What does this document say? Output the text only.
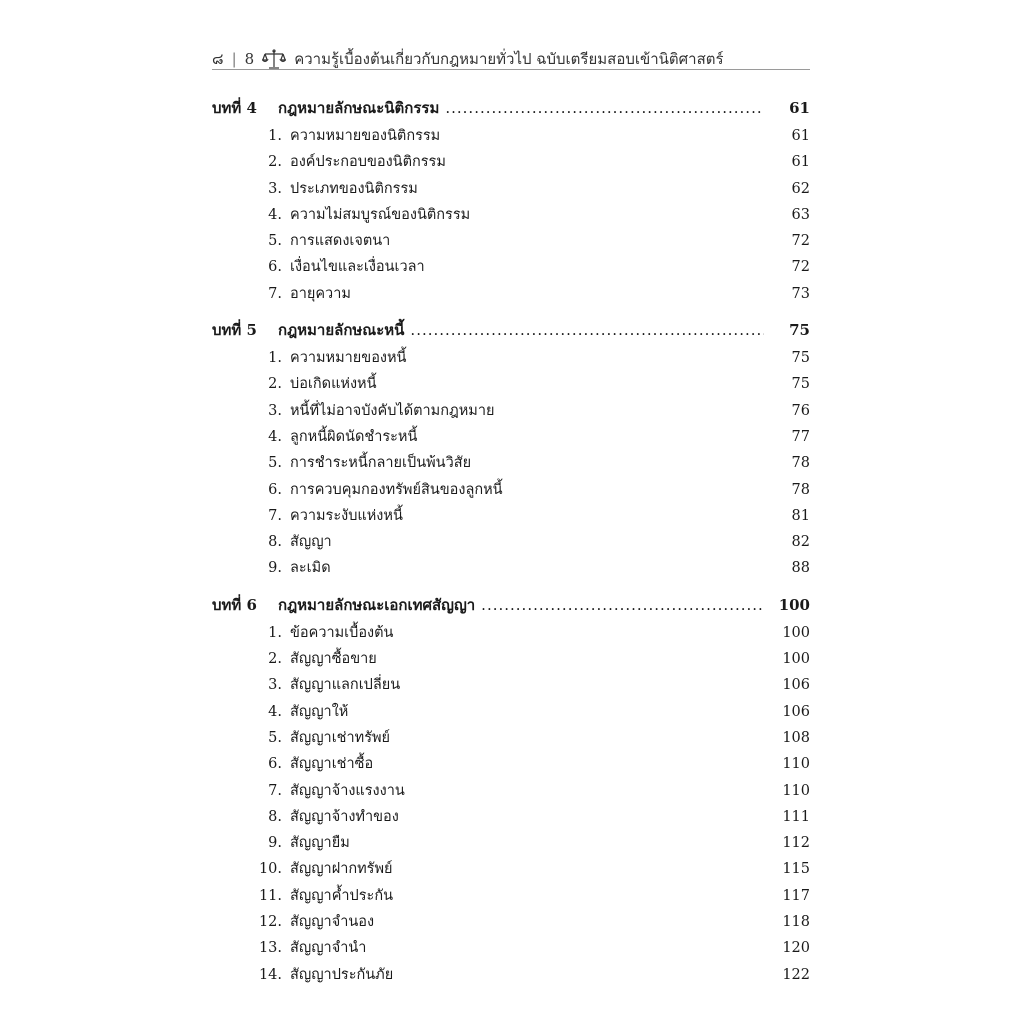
๘ | 8	ความรู้เบื้องต้นเกี่ยวกับกฎหมายทั่วไป ฉบับเตรียมสอบเข้านิติศาสตร์
บทที่ 4	กฎหมายลักษณะนิติกรรม .....	61
1. ความหมายของนิติกรรม	61
2. องค์ประกอบของนิติกรรม	61
3. ประเภทของนิติกรรม	62
4. ความไม่สมบูรณ์ของนิติกรรม	63
5. การแสดงเจตนา	72
6. เงื่อนไขและเงื่อนเวลา	72
7. อายุความ	73
บทที่ 5	กฎหมายลักษณะหนี้ .....	75
1. ความหมายของหนี้	75
2. บ่อเกิดแห่งหนี้	75
3. หนี้ที่ไม่อาจบังคับได้ตามกฎหมาย	76
4. ลูกหนี้ผิดนัดชำระหนี้	77
5. การชำระหนี้กลายเป็นพ้นวิสัย	78
6. การควบคุมกองทรัพย์สินของลูกหนี้	78
7. ความระงับแห่งหนี้	81
8. สัญญา	82
9. ละเมิด	88
บทที่ 6	กฎหมายลักษณะเอกเทศสัญญา .....	100
1. ข้อความเบื้องต้น	100
2. สัญญาซื้อขาย	100
3. สัญญาแลกเปลี่ยน	106
4. สัญญาให้	106
5. สัญญาเช่าทรัพย์	108
6. สัญญาเช่าซื้อ	110
7. สัญญาจ้างแรงงาน	110
8. สัญญาจ้างทำของ	111
9. สัญญายืม	112
10. สัญญาฝากทรัพย์	115
11. สัญญาค้ำประกัน	117
12. สัญญาจำนอง	118
13. สัญญาจำนำ	120
14. สัญญาประกันภัย	122
